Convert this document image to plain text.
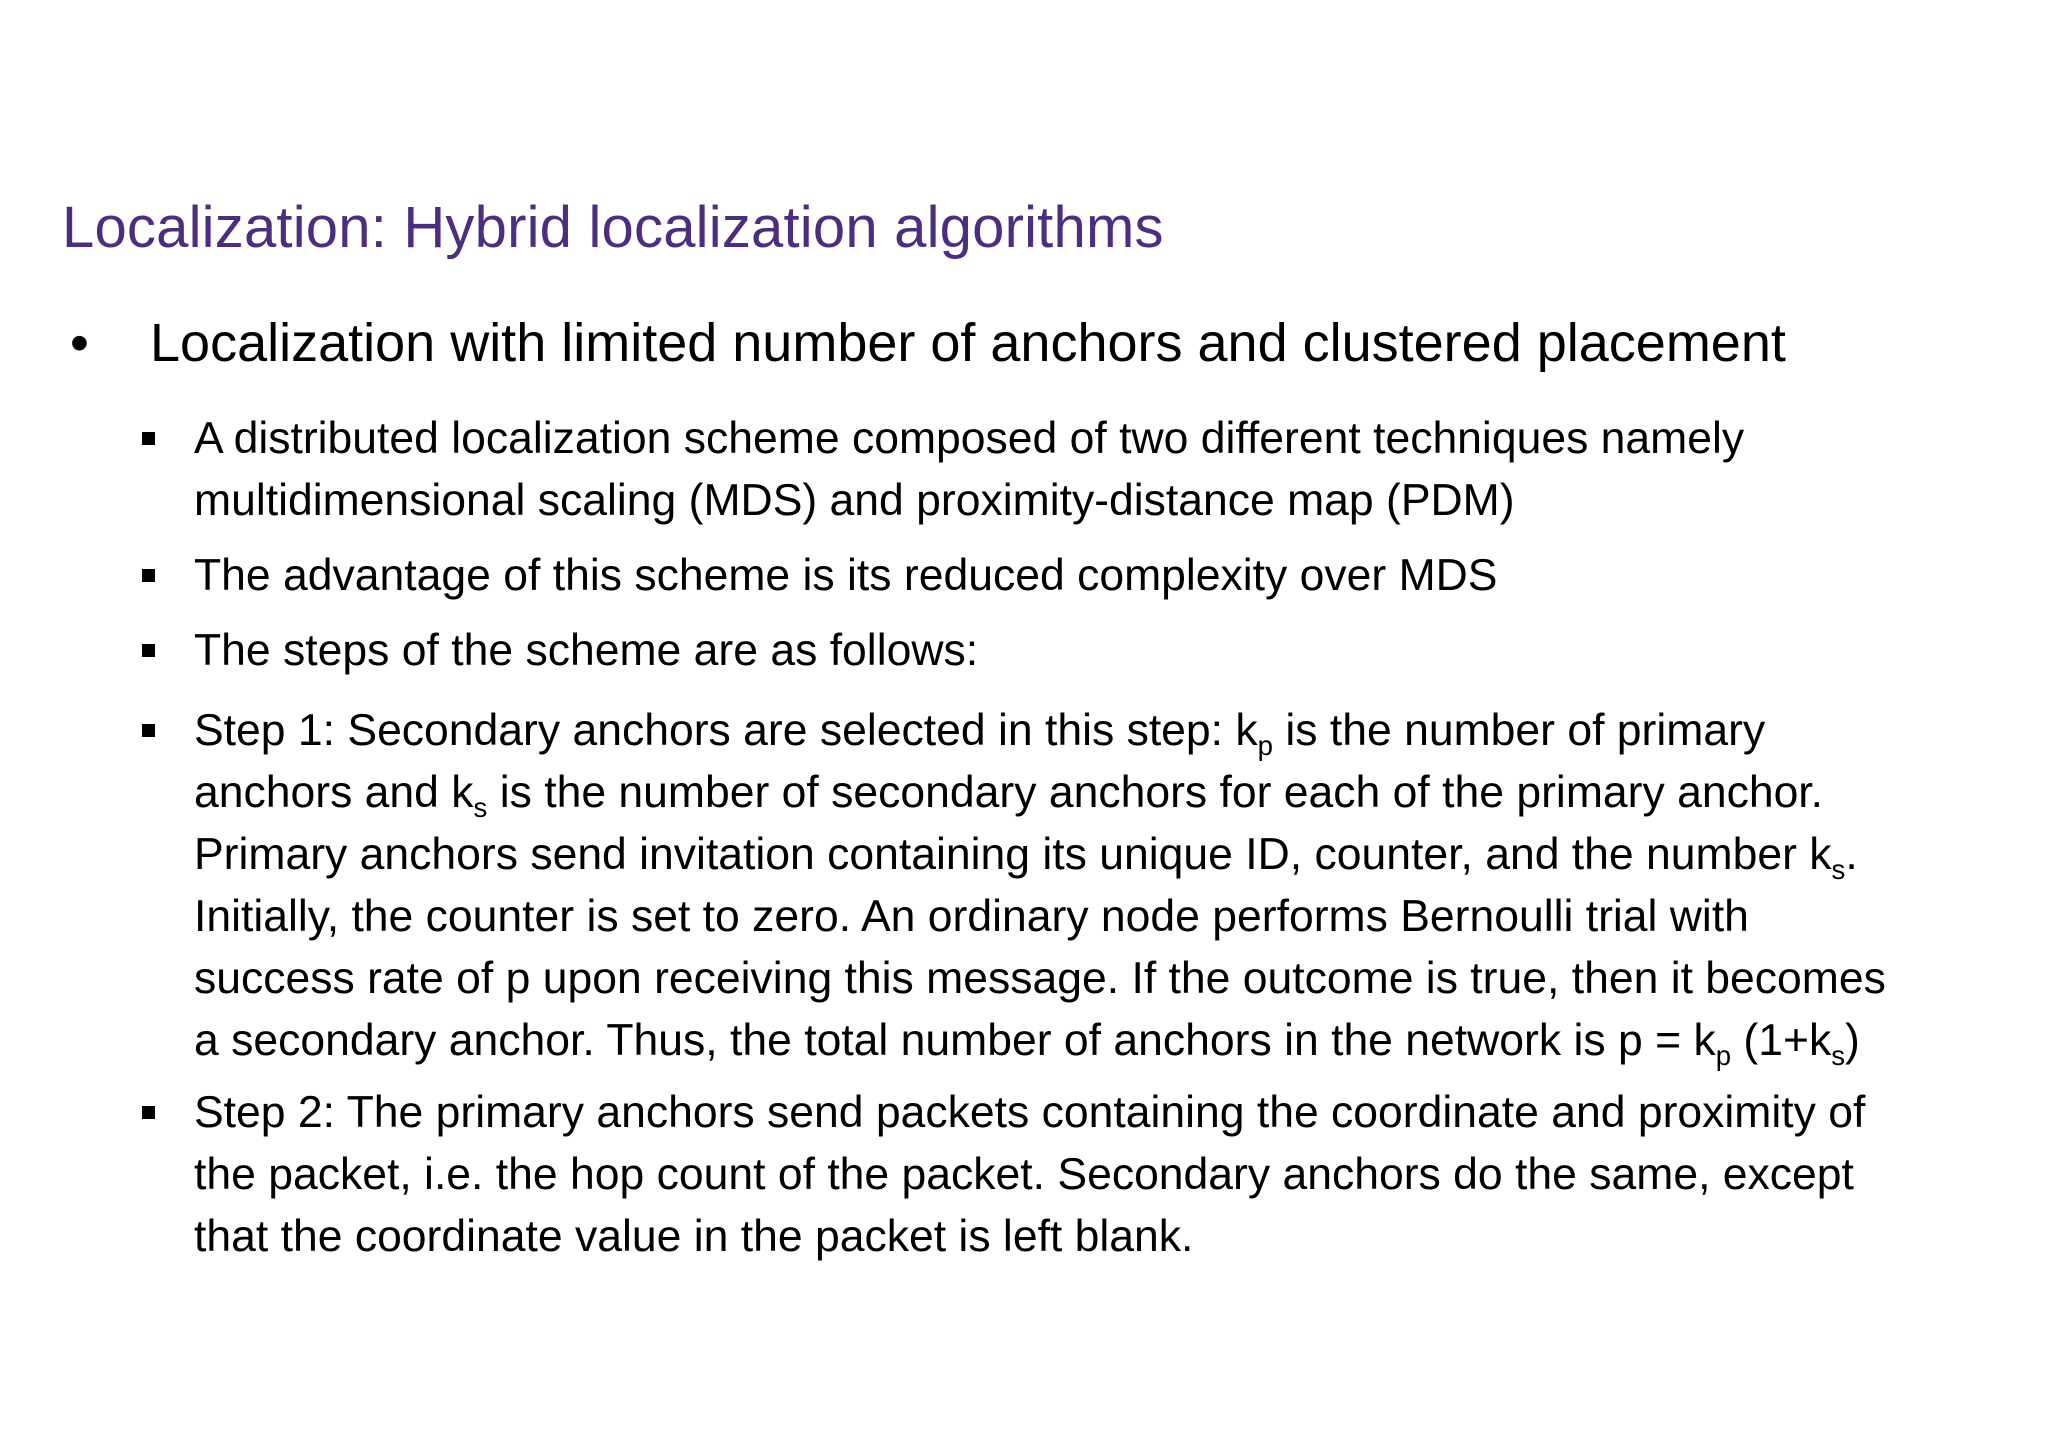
Localization: Hybrid localization algorithms
•	Localization with limited number of anchors and clustered placement
A distributed localization scheme composed of two different techniques namely
multidimensional scaling (MDS) and proximity-distance map (PDM)
The advantage of this scheme is its reduced complexity over MDS
The steps of the scheme are as follows:
Step 1: Secondary anchors are selected in this step: $k_p$ is the number of primary
anchors and $k_s$ is the number of secondary anchors for each of the primary anchor.
Primary anchors send invitation containing its unique ID, counter, and the number $k_s$.
Initially, the counter is set to zero. An ordinary node performs Bernoulli trial with
success rate of p upon receiving this message. If the outcome is true, then it becomes
a secondary anchor. Thus, the total number of anchors in the network is $p = k_p$ $(1+k_s)$
Step 2: The primary anchors send packets containing the coordinate and proximity of
the packet, i.e. the hop count of the packet. Secondary anchors do the same, except
that the coordinate value in the packet is left blank.
